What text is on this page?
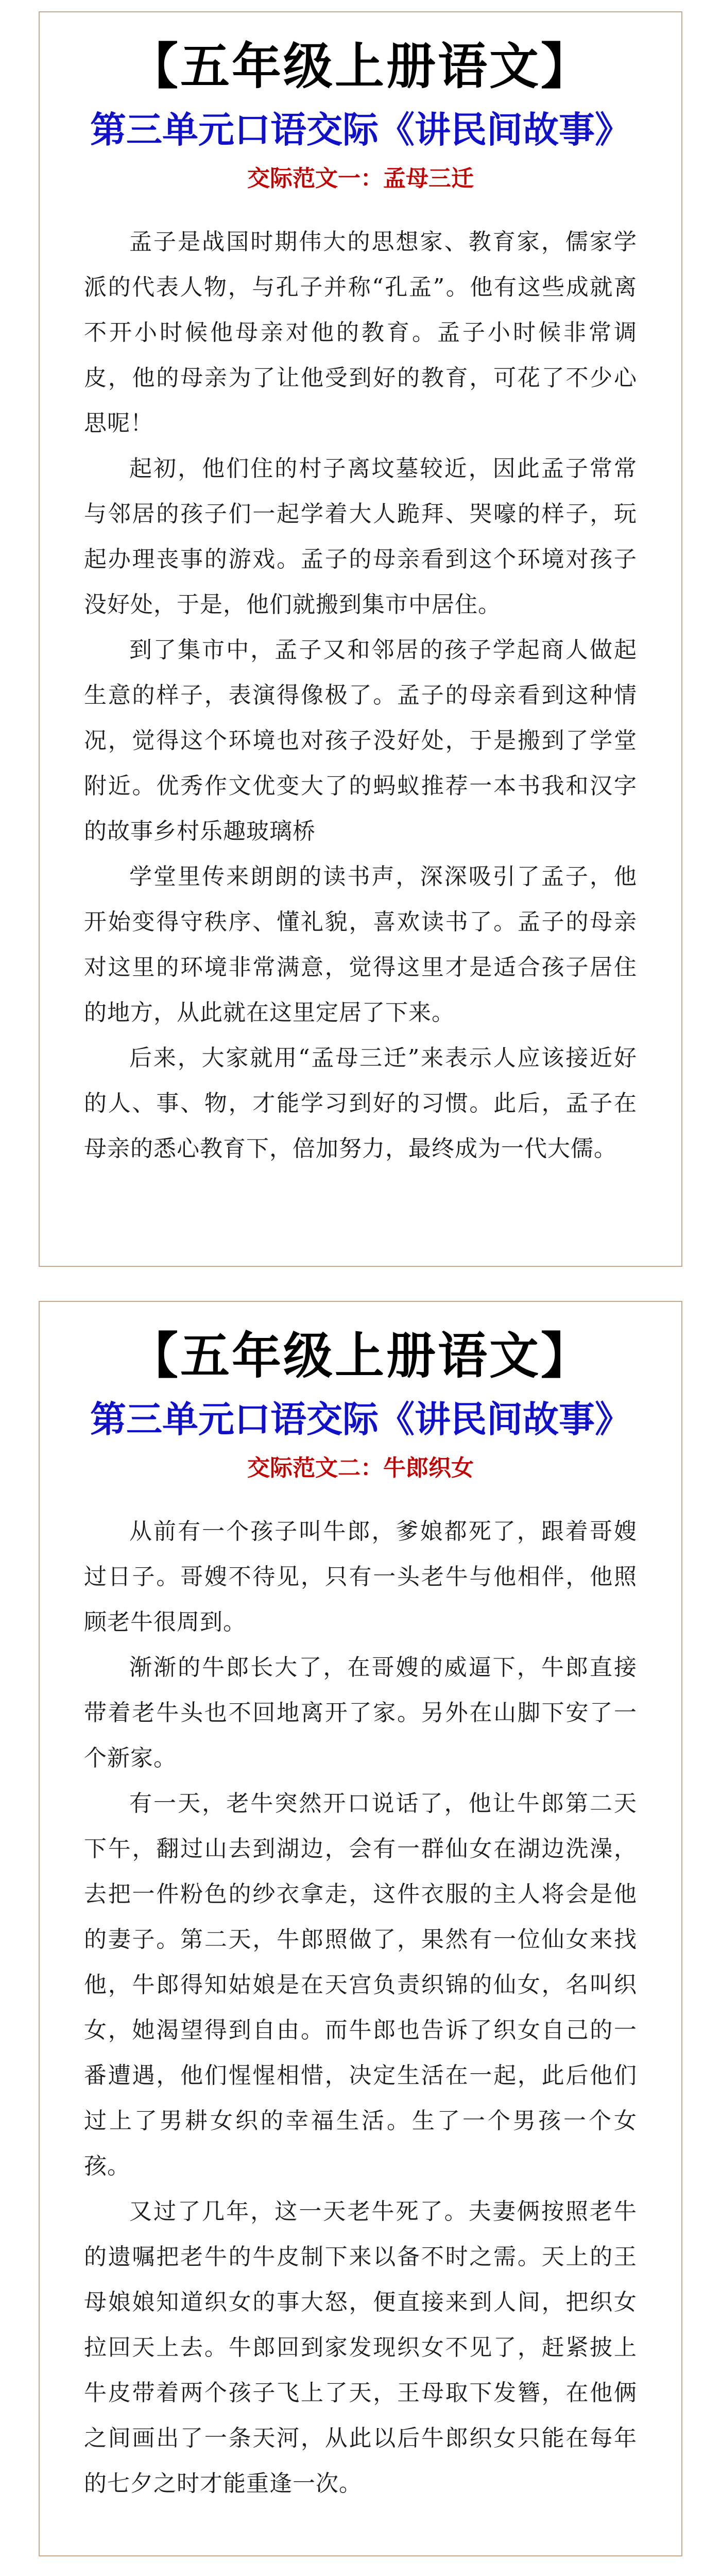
【五年级上册语文】
第三单元口语交际《讲民间故事》
交际范文一：孟母三迁

孟子是战国时期伟大的思想家、教育家，儒家学派的代表人物，与孔子并称“孔孟”。他有这些成就离不开小时候他母亲对他的教育。孟子小时候非常调皮，他的母亲为了让他受到好的教育，可花了不少心思呢！

起初，他们住的村子离坟墓较近，因此孟子常常与邻居的孩子们一起学着大人跪拜、哭嚎的样子，玩起办理丧事的游戏。孟子的母亲看到这个环境对孩子没好处，于是，他们就搬到集市中居住。

到了集市中，孟子又和邻居的孩子学起商人做起生意的样子，表演得像极了。孟子的母亲看到这种情况，觉得这个环境也对孩子没好处，于是搬到了学堂附近。优秀作文优变大了的蚂蚁推荐一本书我和汉字的故事乡村乐趣玻璃桥

学堂里传来朗朗的读书声，深深吸引了孟子，他开始变得守秩序、懂礼貌，喜欢读书了。孟子的母亲对这里的环境非常满意，觉得这里才是适合孩子居住的地方，从此就在这里定居了下来。

后来，大家就用“孟母三迁”来表示人应该接近好的人、事、物，才能学习到好的习惯。此后，孟子在母亲的悉心教育下，倍加努力，最终成为一代大儒。

【五年级上册语文】
第三单元口语交际《讲民间故事》
交际范文二：牛郎织女

从前有一个孩子叫牛郎，爹娘都死了，跟着哥嫂过日子。哥嫂不待见，只有一头老牛与他相伴，他照顾老牛很周到。

渐渐的牛郎长大了，在哥嫂的威逼下，牛郎直接带着老牛头也不回地离开了家。另外在山脚下安了一个新家。

有一天，老牛突然开口说话了，他让牛郎第二天下午，翻过山去到湖边，会有一群仙女在湖边洗澡，去把一件粉色的纱衣拿走，这件衣服的主人将会是他的妻子。第二天，牛郎照做了，果然有一位仙女来找他，牛郎得知姑娘是在天宫负责织锦的仙女，名叫织女，她渴望得到自由。而牛郎也告诉了织女自己的一番遭遇，他们惺惺相惜，决定生活在一起，此后他们过上了男耕女织的幸福生活。生了一个男孩一个女孩。

又过了几年，这一天老牛死了。夫妻俩按照老牛的遗嘱把老牛的牛皮制下来以备不时之需。天上的王母娘娘知道织女的事大怒，便直接来到人间，把织女拉回天上去。牛郎回到家发现织女不见了，赶紧披上牛皮带着两个孩子飞上了天，王母取下发簪，在他俩之间画出了一条天河，从此以后牛郎织女只能在每年的七夕之时才能重逢一次。
